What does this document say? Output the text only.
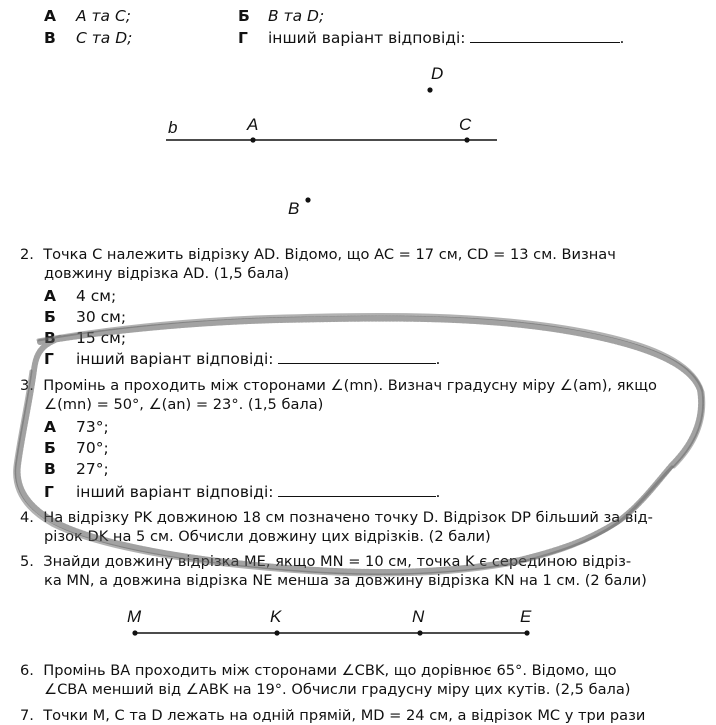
А A та C;	Б B та D;
В C та D;	Г інший варіант відповіді:	.
D
b	A	C
B
2. Точка C належить відрізку AD. Відомо, що AC = 17 см, CD = 13 см. Визнач
довжину відрізка AD. (1,5 бала)
А 4 см;
Б 30 см;
В 15 см;
Г інший варіант відповіді:	.
3. Промінь a проходить між сторонами ∠(mn). Визнач градусну міру ∠(am), якщо
∠(mn) = 50°, ∠(an) = 23°. (1,5 бала)
А 73°;
Б 70°;
В 27°;
Г інший варіант відповіді:	.
4. На відрізку PK довжиною 18 см позначено точку D. Відрізок DP більший за від-
різок DK на 5 см. Обчисли довжину цих відрізків. (2 бали)
5. Знайди довжину відрізка ME, якщо MN = 10 см, точка K є серединою відріз-
ка MN, а довжина відрізка NE менша за довжину відрізка KN на 1 см. (2 бали)
M	K	N	E
6. Промінь BA проходить між сторонами ∠CBK, що дорівнює 65°. Відомо, що
∠CBA менший від ∠ABK на 19°. Обчисли градусну міру цих кутів. (2,5 бала)
7. Точки M, C та D лежать на одній прямій, MD = 24 см, а відрізок MC у три рази
